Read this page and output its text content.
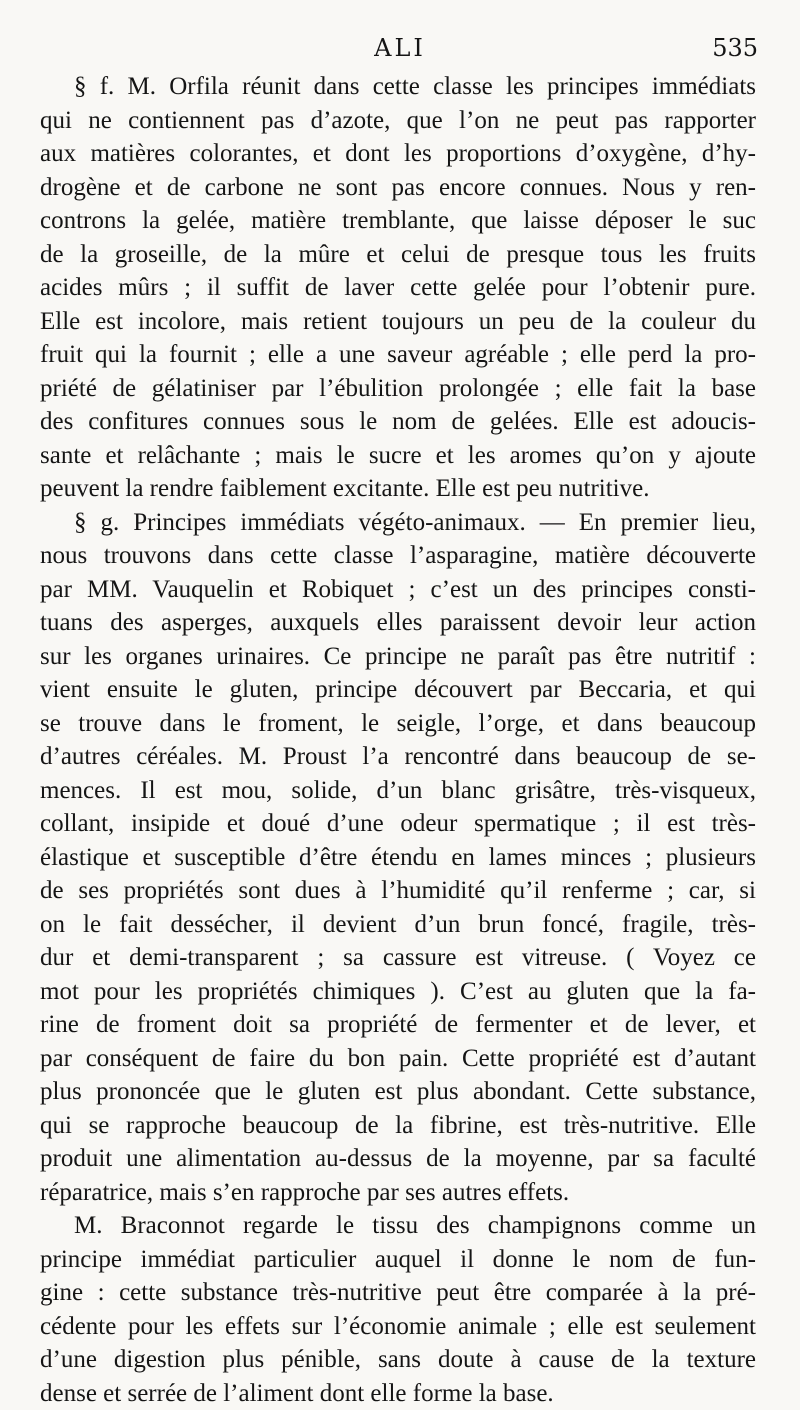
ALI	535
§ f. M. Orfila réunit dans cette classe les principes immédiats
qui ne contiennent pas d’azote, que l’on ne peut pas rapporter
aux matières colorantes, et dont les proportions d’oxygène, d’hy-
drogène et de carbone ne sont pas encore connues. Nous y ren-
controns la gelée, matière tremblante, que laisse déposer le suc
de la groseille, de la mûre et celui de presque tous les fruits
acides mûrs ; il suffit de laver cette gelée pour l’obtenir pure.
Elle est incolore, mais retient toujours un peu de la couleur du
fruit qui la fournit ; elle a une saveur agréable ; elle perd la pro-
priété de gélatiniser par l’ébulition prolongée ; elle fait la base
des confitures connues sous le nom de gelées. Elle est adoucis-
sante et relâchante ; mais le sucre et les aromes qu’on y ajoute
peuvent la rendre faiblement excitante. Elle est peu nutritive.
§ g. Principes immédiats végéto-animaux. — En premier lieu,
nous trouvons dans cette classe l’asparagine, matière découverte
par MM. Vauquelin et Robiquet ; c’est un des principes consti-
tuans des asperges, auxquels elles paraissent devoir leur action
sur les organes urinaires. Ce principe ne paraît pas être nutritif :
vient ensuite le gluten, principe découvert par Beccaria, et qui
se trouve dans le froment, le seigle, l’orge, et dans beaucoup
d’autres céréales. M. Proust l’a rencontré dans beaucoup de se-
mences. Il est mou, solide, d’un blanc grisâtre, très-visqueux,
collant, insipide et doué d’une odeur spermatique ; il est très-
élastique et susceptible d’être étendu en lames minces ; plusieurs
de ses propriétés sont dues à l’humidité qu’il renferme ; car, si
on le fait dessécher, il devient d’un brun foncé, fragile, très-
dur et demi-transparent ; sa cassure est vitreuse. ( Voyez ce
mot pour les propriétés chimiques ). C’est au gluten que la fa-
rine de froment doit sa propriété de fermenter et de lever, et
par conséquent de faire du bon pain. Cette propriété est d’autant
plus prononcée que le gluten est plus abondant. Cette substance,
qui se rapproche beaucoup de la fibrine, est très-nutritive. Elle
produit une alimentation au-dessus de la moyenne, par sa faculté
réparatrice, mais s’en rapproche par ses autres effets.
M. Braconnot regarde le tissu des champignons comme un
principe immédiat particulier auquel il donne le nom de fun-
gine : cette substance très-nutritive peut être comparée à la pré-
cédente pour les effets sur l’économie animale ; elle est seulement
d’une digestion plus pénible, sans doute à cause de la texture
dense et serrée de l’aliment dont elle forme la base.
